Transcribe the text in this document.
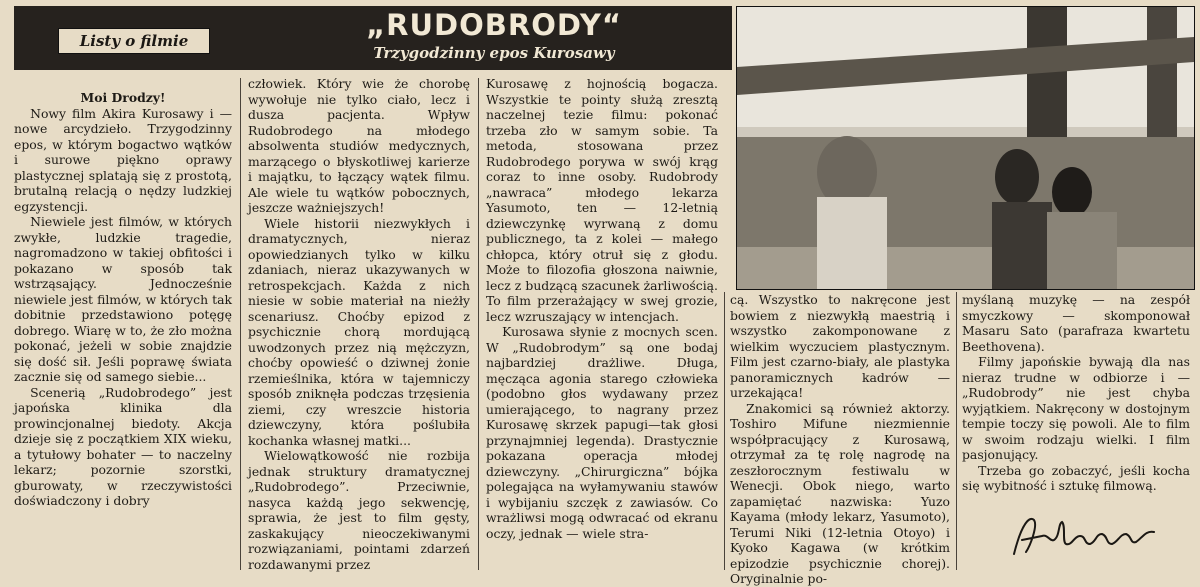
Listy o filmie	„RUDOBRODY“
Trzygodzinny epos Kurosawy

Moi Drodzy!

Nowy film Akira Kurosawy i — nowe arcydzieło. Trzygodzinny epos, w którym bogactwo wątków i surowe piękno oprawy plastycznej splatają się z prostotą, brutalną relacją o nędzy ludzkiej egzystencji.

Niewiele jest filmów, w których zwykłe, ludzkie tragedie, nagromadzono w takiej obfitości i pokazano w sposób tak wstrząsający. Jednocześnie niewiele jest filmów, w których tak dobitnie przedstawiono potęgę dobrego. Wiarę w to, że zło można pokonać, jeżeli w sobie znajdzie się dość sił. Jeśli poprawę świata zacznie się od samego siebie...

Scenerią „Rudobrodego” jest japońska klinika dla prowincjonalnej biedoty. Akcja dzieje się z początkiem XIX wieku, a tytułowy bohater — to naczelny lekarz; pozornie szorstki, gburowaty, w rzeczywistości doświadczony i dobry

człowiek. Który wie że chorobę wywołuje nie tylko ciało, lecz i dusza pacjenta. Wpływ Rudobrodego na młodego absolwenta studiów medycznych, marzącego o błyskotliwej karierze i majątku, to łączący wątek filmu. Ale wiele tu wątków pobocznych, jeszcze ważniejszych!

Wiele historii niezwykłych i dramatycznych, nieraz opowiedzianych tylko w kilku zdaniach, nieraz ukazywanych w retrospekcjach. Każda z nich niesie w sobie materiał na nieżły scenariusz. Choćby epizod z psychicznie chorą mordującą uwodzonych przez nią mężczyzn, choćby opowieść o dziwnej żonie rzemieślnika, która w tajemniczy sposób zniknęła podczas trzęsienia ziemi, czy wreszcie historia dziewczyny, która poślubiła kochanka własnej matki...

Wielowątkowość nie rozbija jednak struktury dramatycznej „Rudobrodego”. Przeciwnie, nasyca każdą jego sekwencję, sprawia, że jest to film gęsty, zaskakujący nieoczekiwanymi rozwiązaniami, pointami zdarzeń rozdawanymi przez

Kurosawę z hojnością bogacza. Wszystkie te pointy służą zresztą naczelnej tezie filmu: pokonać trzeba zło w samym sobie. Ta metoda, stosowana przez Rudobrodego porywa w swój krąg coraz to inne osoby. Rudobrody „nawraca” młodego lekarza Yasumoto, ten — 12-letnią dziewczynkę wyrwaną z domu publicznego, ta z kolei — małego chłopca, który otruł się z głodu. Może to filozofia głoszona naiwnie, lecz z budzącą szacunek żarliwością. To film przerażający w swej grozie, lecz wzruszający w intencjach.

Kurosawa słynie z mocnych scen. W „Rudobrodym” są one bodaj najbardziej drażliwe. Długa, męcząca agonia starego człowieka (podobno głos wydawany przez umierającego, to nagrany przez Kurosawę skrzek papugi—tak głosi przynajmniej legenda). Drastycznie pokazana operacja młodej dziewczyny. „Chirurgiczna” bójka polegająca na wyłamywaniu stawów i wybijaniu szczęk z zawiasów. Co wrażliwsi mogą odwracać od ekranu oczy, jednak — wiele stra-

cą. Wszystko to nakręcone jest bowiem z niezwykłą maestrią i wszystko zakomponowane z wielkim wyczuciem plastycznym. Film jest czarno-biały, ale plastyka panoramicznych kadrów — urzekająca!

Znakomici są również aktorzy. Toshiro Mifune niezmiennie współpracujący z Kurosawą, otrzymał za tę rolę nagrodę na zeszłorocznym festiwalu w Wenecji. Obok niego, warto zapamiętać nazwiska: Yuzo Kayama (młody lekarz, Yasumoto), Terumi Niki (12-letnia Otoyo) i Kyoko Kagawa (w krótkim epizodzie psychicznie chorej). Oryginalnie po-

myślaną muzykę — na zespół smyczkowy — skomponował Masaru Sato (parafraza kwartetu Beethovena).

Filmy japońskie bywają dla nas nieraz trudne w odbiorze i — „Rudobrody” nie jest chyba wyjątkiem. Nakręcony w dostojnym tempie toczy się powoli. Ale to film w swoim rodzaju wielki. I film pasjonujący.

Trzeba go zobaczyć, jeśli kocha się wybitność i sztukę filmową.
